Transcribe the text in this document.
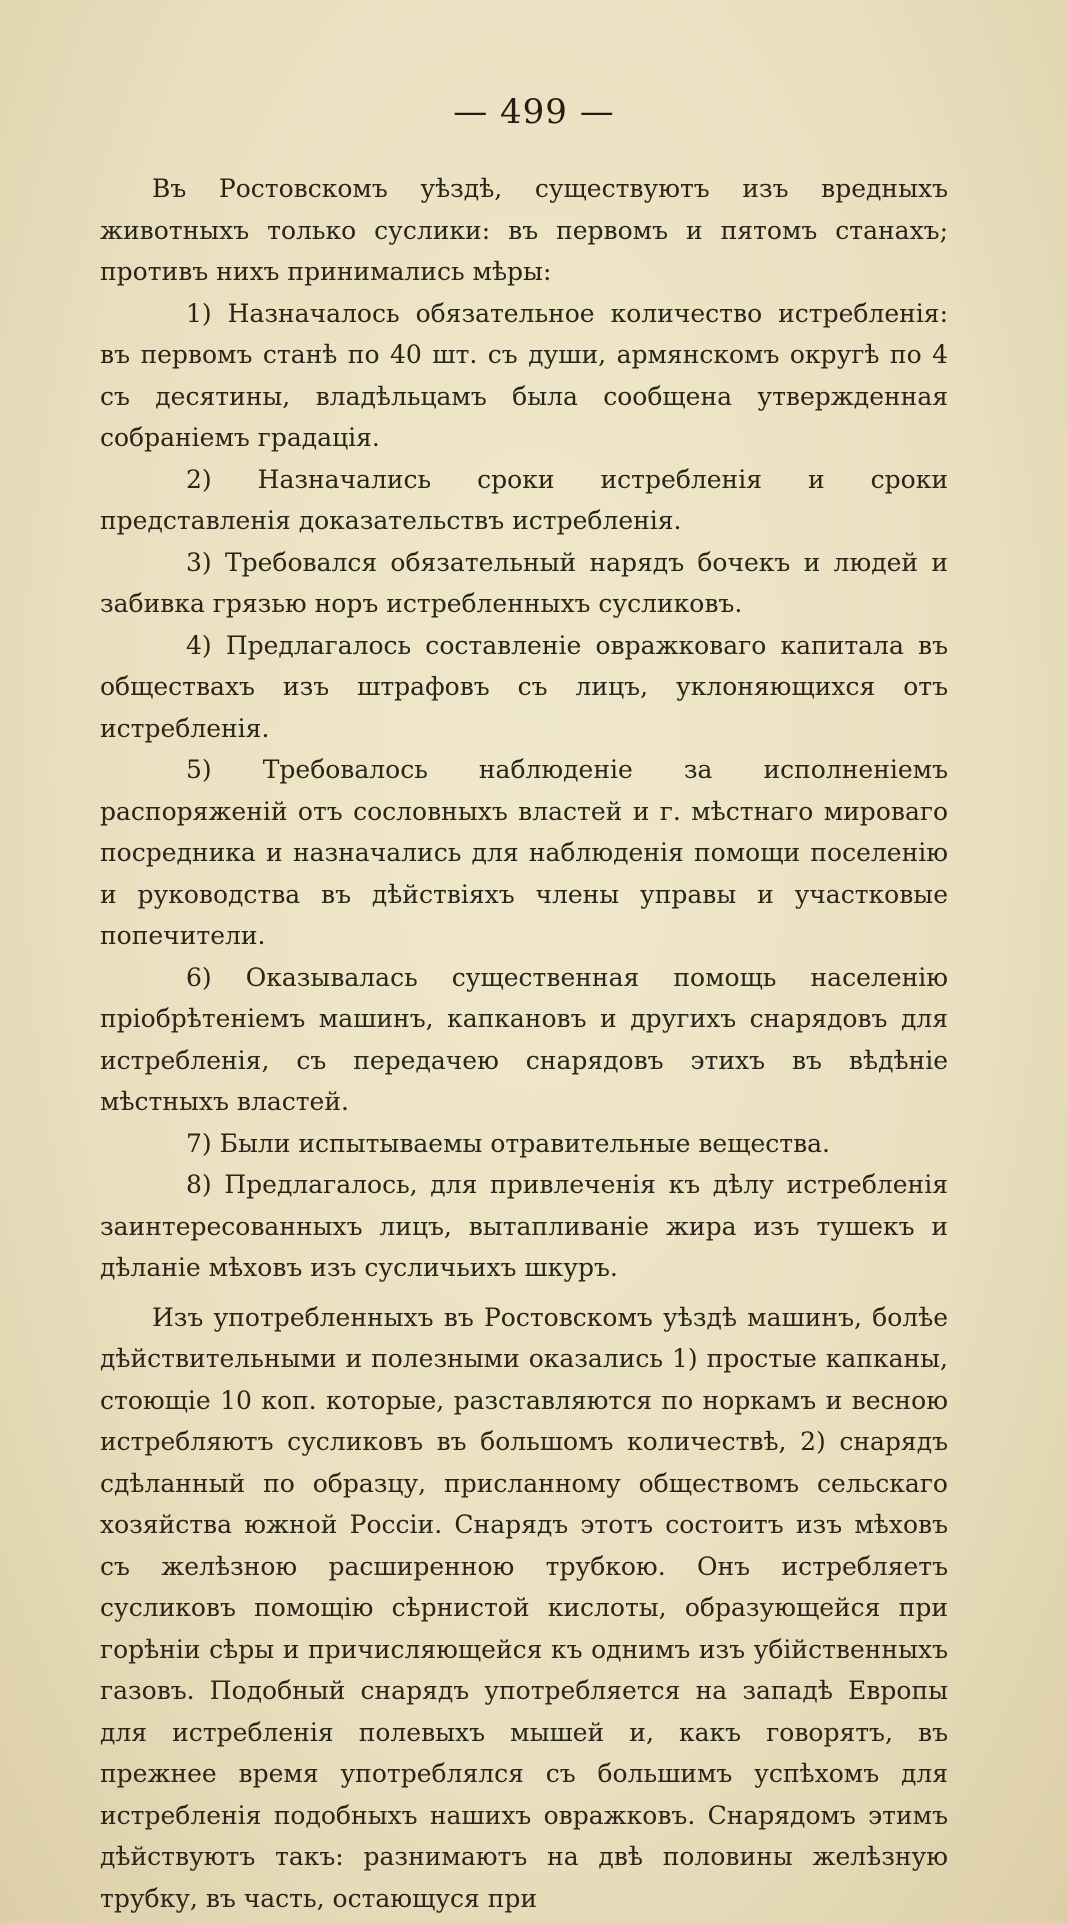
— 499 —

Въ Ростовскомъ уѣздѣ, существуютъ изъ вредныхъ животныхъ только суслики: въ первомъ и пятомъ станахъ; противъ нихъ принимались мѣры:

1) Назначалось обязательное количество истребленія: въ первомъ станѣ по 40 шт. съ души, армянскомъ округѣ по 4 съ десятины, владѣльцамъ была сообщена утвержденная собраніемъ градація.

2) Назначались сроки истребленія и сроки представленія доказательствъ истребленія.

3) Требовался обязательный нарядъ бочекъ и людей и забивка грязью норъ истребленныхъ сусликовъ.

4) Предлагалось составленіе овражковаго капитала въ обществахъ изъ штрафовъ съ лицъ, уклоняющихся отъ истребленія.

5) Требовалось наблюденіе за исполненіемъ распоряженій отъ сословныхъ властей и г. мѣстнаго мироваго посредника и назначались для наблюденія помощи поселенію и руководства въ дѣйствіяхъ члены управы и участковые попечители.

6) Оказывалась существенная помощь населенію пріобрѣтеніемъ машинъ, капкановъ и другихъ снарядовъ для истребленія, съ передачею снарядовъ этихъ въ вѣдѣніе мѣстныхъ властей.

7) Были испытываемы отравительные вещества.

8) Предлагалось, для привлеченія къ дѣлу истребленія заинтересованныхъ лицъ, вытапливаніе жира изъ тушекъ и дѣланіе мѣховъ изъ сусличьихъ шкуръ.

Изъ употребленныхъ въ Ростовскомъ уѣздѣ машинъ, болѣе дѣйствительными и полезными оказались 1) простые капканы, стоющіе 10 коп. которые, разставляются по норкамъ и весною истребляютъ сусликовъ въ большомъ количествѣ, 2) снарядъ сдѣланный по образцу, присланному обществомъ сельскаго хозяйства южной Россіи. Снарядъ этотъ состоитъ изъ мѣховъ съ желѣзною расширенною трубкою. Онъ истребляетъ сусликовъ помощію сѣрнистой кислоты, образующейся при горѣніи сѣры и причисляющейся къ однимъ изъ убійственныхъ газовъ. Подобный снарядъ употребляется на западѣ Европы для истребленія полевыхъ мышей и, какъ говорятъ, въ прежнее время употреблялся съ большимъ успѣхомъ для истребленія подобныхъ нашихъ овражковъ. Снарядомъ этимъ дѣйствуютъ такъ: разнимаютъ на двѣ половины желѣзную трубку, въ часть, остающуся при
